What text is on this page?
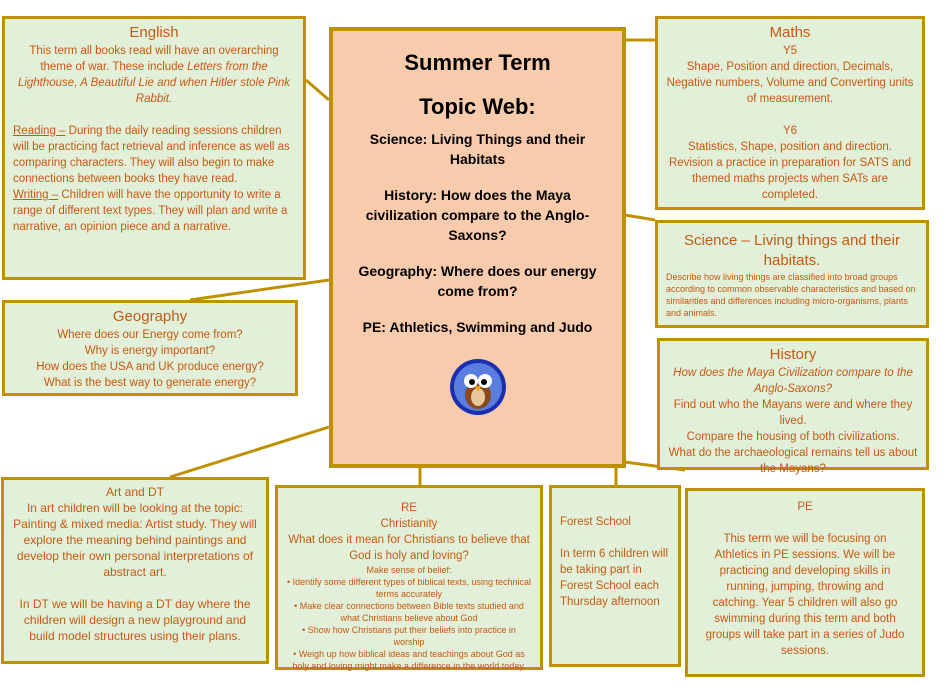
Summer Term
Topic Web:

Science: Living Things and their Habitats

History: How does the Maya civilization compare to the Anglo-Saxons?

Geography: Where does our energy come from?

PE: Athletics, Swimming and Judo

English

This term all books read will have an overarching theme of war. These include Letters from the Lighthouse, A Beautiful Lie and when Hitler stole Pink Rabbit.

Reading – During the daily reading sessions children will be practicing fact retrieval and inference as well as comparing characters. They will also begin to make connections between books they have read.

Writing – Children will have the opportunity to write a range of different text types. They will plan and write a narrative, an opinion piece and a narrative.

Geography

Where does our Energy come from?

Why is energy important?

How does the USA and UK produce energy?

What is the best way to generate energy?

Maths

Y5

Shape, Position and direction, Decimals, Negative numbers, Volume and Converting units of measurement.

Y6

Statistics, Shape, position and direction. Revision a practice in preparation for SATS and themed maths projects when SATs are completed.

Science – Living things and their habitats.

Describe how living things are classified into broad groups according to common observable characteristics and based on similarities and differences including micro-organisms, plants and animals.

History

How does the Maya Civilization compare to the Anglo-Saxons?

Find out who the Mayans were and where they lived.

Compare the housing of both civilizations.

What do the archaeological remains tell us about the Mayans?

Art and DT

In art children will be looking at the topic: Painting & mixed media: Artist study. They will explore the meaning behind paintings and develop their own personal interpretations of abstract art.

In DT we will be having a DT day where the children will design a new playground and build model structures using their plans.

RE

Christianity

What does it mean for Christians to believe that God is holy and loving?

Make sense of belief:

• Identify some different types of biblical texts, using technical terms accurately

• Make clear connections between Bible texts studied and what Christians believe about God

• Show how Christians put their beliefs into practice in worship

• Weigh up how biblical ideas and teachings about God as holy and loving might make a difference in the world today.

Forest School

In term 6 children will be taking part in Forest School each Thursday afternoon

PE

This term we will be focusing on Athletics in PE sessions. We will be practicing and developing skills in running, jumping, throwing and catching. Year 5 children will also go swimming during this term and both groups will take part in a series of Judo sessions.
